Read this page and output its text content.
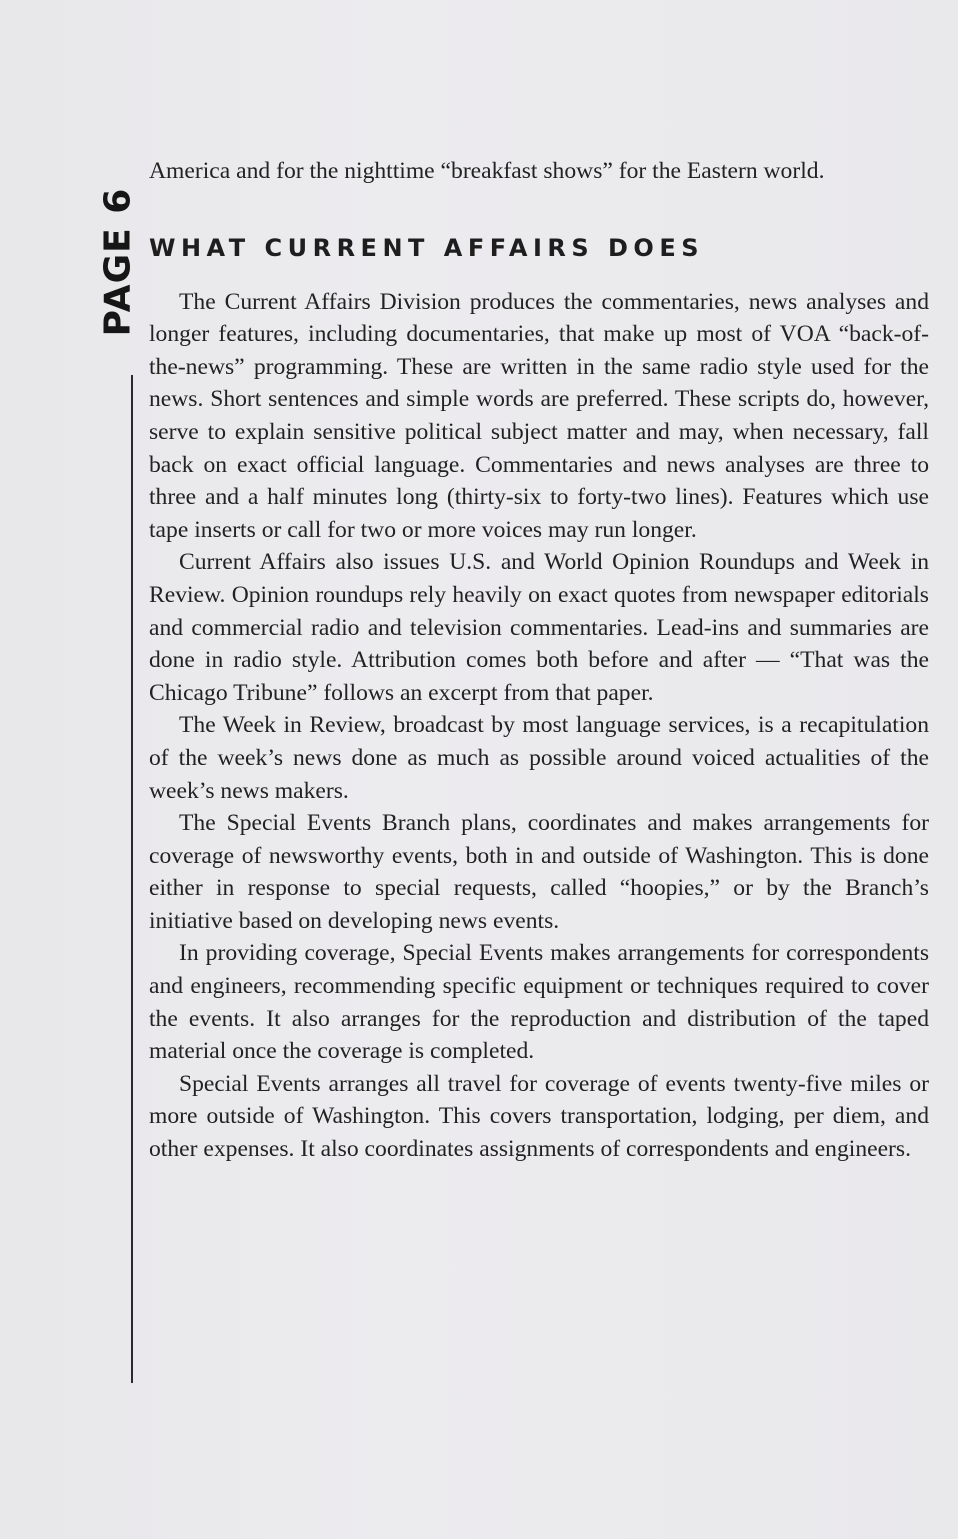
PAGE 6

America and for the nighttime “breakfast shows” for the Eastern world.

WHAT CURRENT AFFAIRS DOES

The Current Affairs Division produces the commentaries, news analyses and longer features, including documentaries, that make up most of VOA “back-of-the-news” programming. These are written in the same radio style used for the news. Short sentences and simple words are preferred. These scripts do, however, serve to explain sensitive political subject matter and may, when necessary, fall back on exact official language. Commentaries and news analyses are three to three and a half minutes long (thirty-six to forty-two lines). Features which use tape inserts or call for two or more voices may run longer.

Current Affairs also issues U.S. and World Opinion Roundups and Week in Review. Opinion roundups rely heavily on exact quotes from newspaper editorials and commercial radio and television commentaries. Lead-ins and summaries are done in radio style. Attribution comes both before and after — “That was the Chicago Tribune” follows an excerpt from that paper.

The Week in Review, broadcast by most language services, is a recapitulation of the week’s news done as much as possible around voiced actualities of the week’s news makers.

The Special Events Branch plans, coordinates and makes arrangements for coverage of newsworthy events, both in and outside of Washington. This is done either in response to special requests, called “hoopies,” or by the Branch’s initiative based on developing news events.

In providing coverage, Special Events makes arrangements for correspondents and engineers, recommending specific equipment or techniques required to cover the events. It also arranges for the reproduction and distribution of the taped material once the coverage is completed.

Special Events arranges all travel for coverage of events twenty-five miles or more outside of Washington. This covers transportation, lodging, per diem, and other expenses. It also coordinates assignments of correspondents and engineers.
